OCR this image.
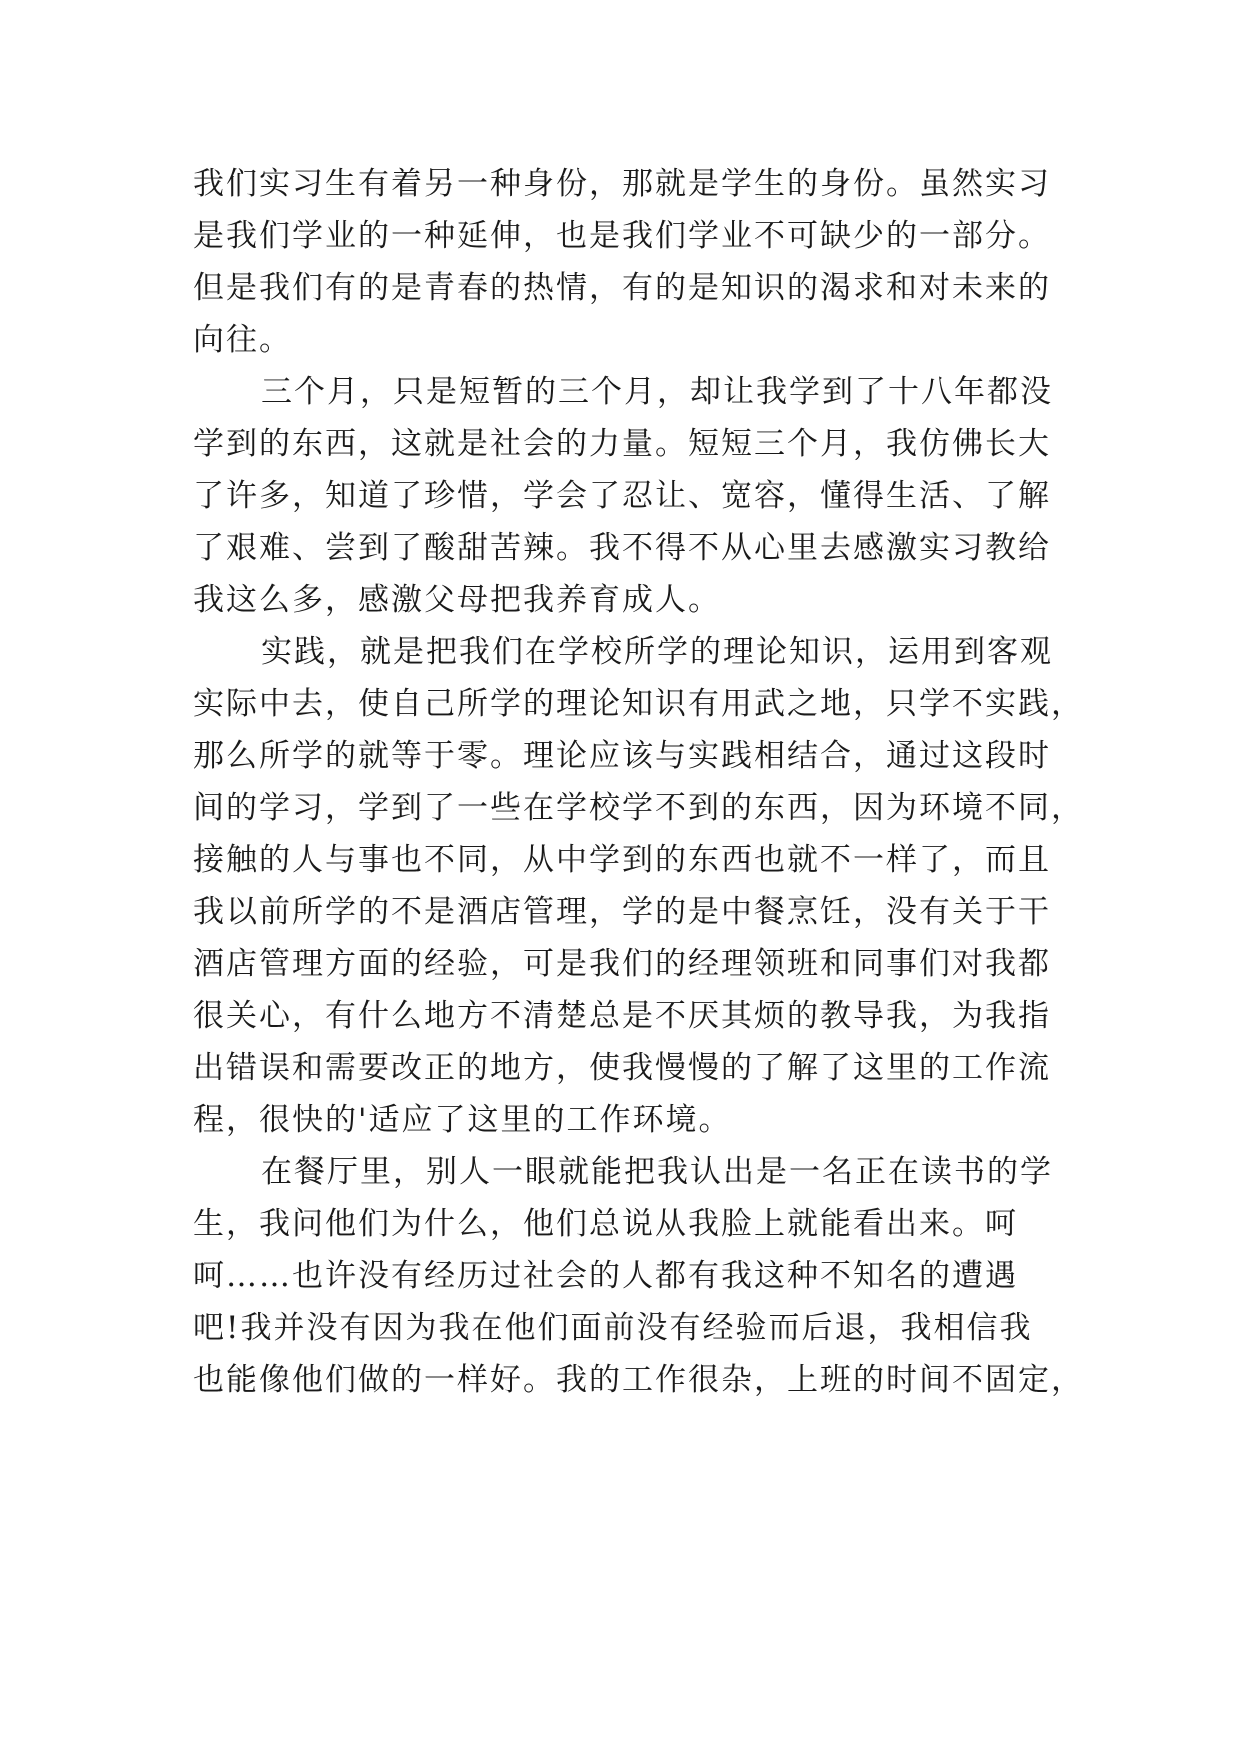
我们实习生有着另一种身份，那就是学生的身份。虽然实习
是我们学业的一种延伸，也是我们学业不可缺少的一部分。
但是我们有的是青春的热情，有的是知识的渴求和对未来的
向往。
三个月，只是短暂的三个月，却让我学到了十八年都没
学到的东西，这就是社会的力量。短短三个月，我仿佛长大
了许多，知道了珍惜，学会了忍让、宽容，懂得生活、了解
了艰难、尝到了酸甜苦辣。我不得不从心里去感激实习教给
我这么多，感激父母把我养育成人。
实践，就是把我们在学校所学的理论知识，运用到客观
实际中去，使自己所学的理论知识有用武之地，只学不实践，
那么所学的就等于零。理论应该与实践相结合，通过这段时
间的学习，学到了一些在学校学不到的东西，因为环境不同，
接触的人与事也不同，从中学到的东西也就不一样了，而且
我以前所学的不是酒店管理，学的是中餐烹饪，没有关于干
酒店管理方面的经验，可是我们的经理领班和同事们对我都
很关心，有什么地方不清楚总是不厌其烦的教导我，为我指
出错误和需要改正的地方，使我慢慢的了解了这里的工作流
程，很快的'适应了这里的工作环境。
在餐厅里，别人一眼就能把我认出是一名正在读书的学
生，我问他们为什么，他们总说从我脸上就能看出来。呵
呵……也许没有经历过社会的人都有我这种不知名的遭遇
吧!我并没有因为我在他们面前没有经验而后退，我相信我
也能像他们做的一样好。我的工作很杂，上班的时间不固定，
